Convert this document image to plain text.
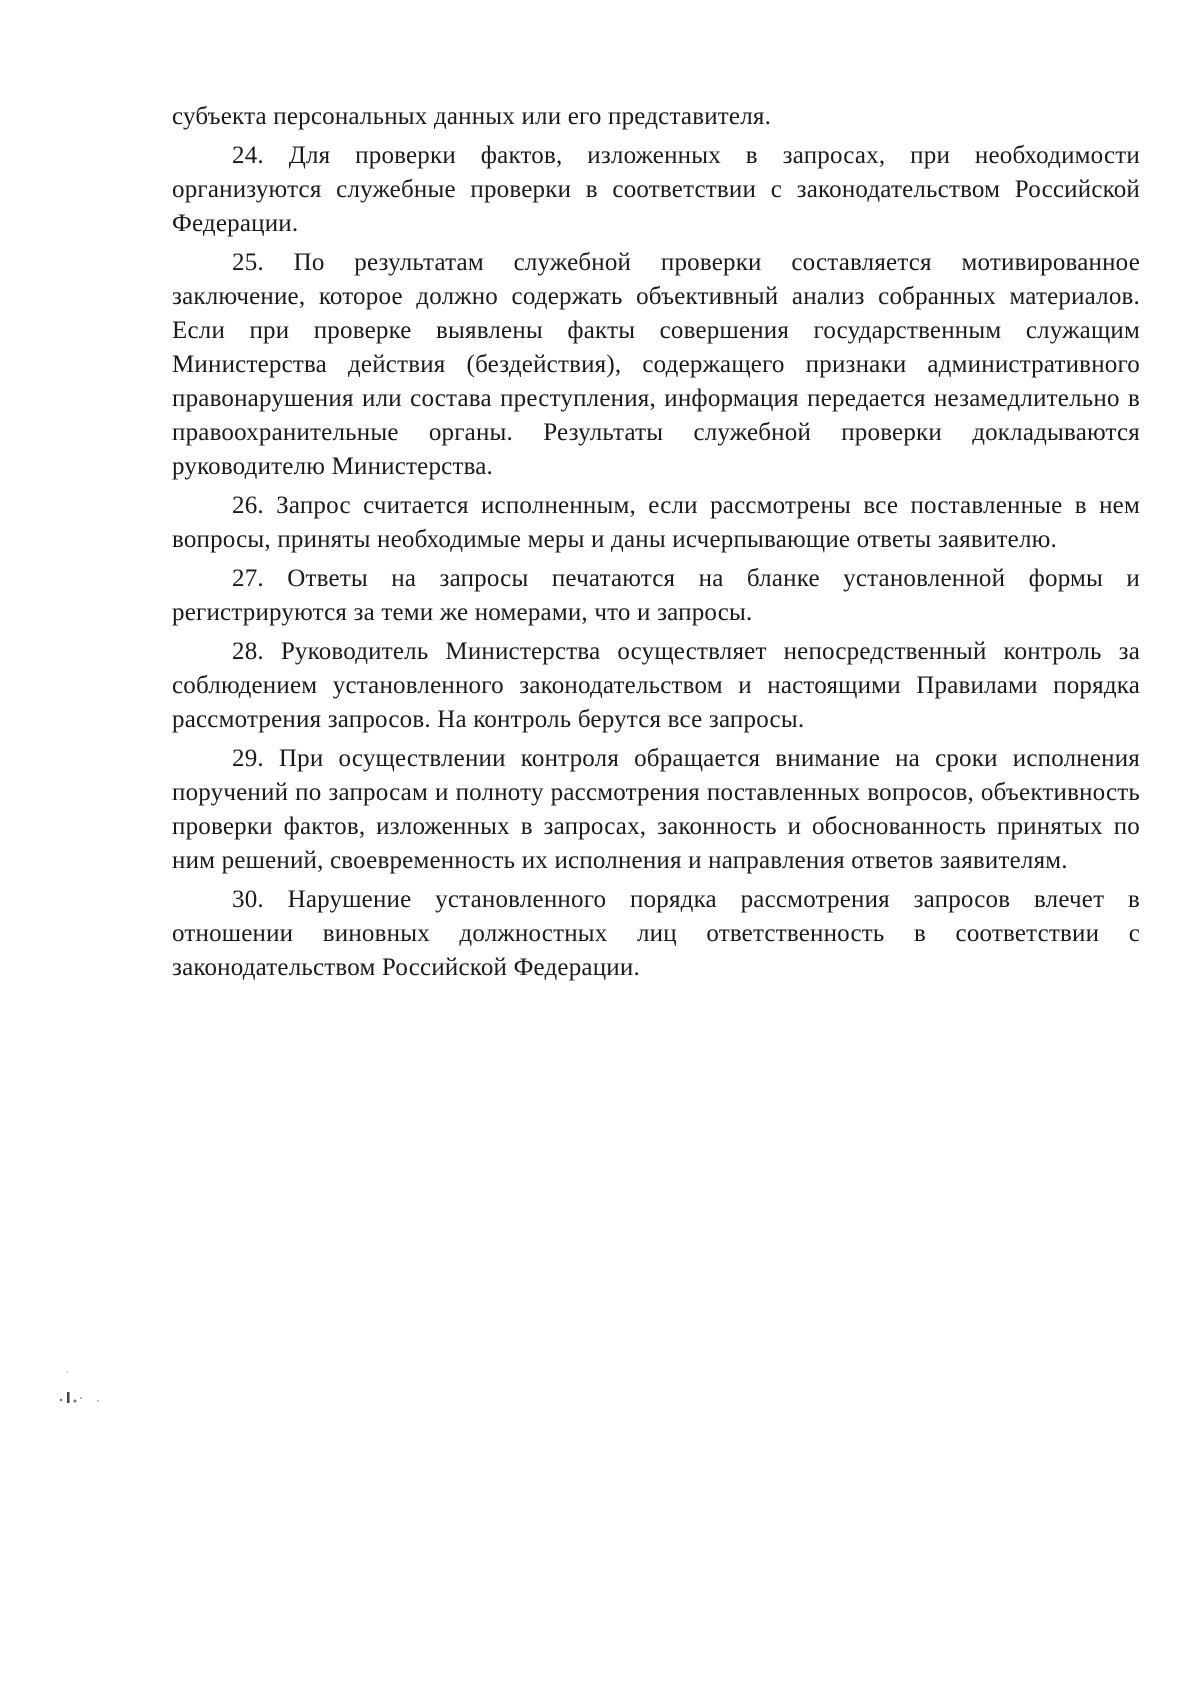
субъекта персональных данных или его представителя.

24. Для проверки фактов, изложенных в запросах, при необходимости организуются служебные проверки в соответствии с законодательством Российской Федерации.

25. По результатам служебной проверки составляется мотивированное заключение, которое должно содержать объективный анализ собранных материалов. Если при проверке выявлены факты совершения государственным служащим Министерства действия (бездействия), содержащего признаки административного правонарушения или состава преступления, информация передается незамедлительно в правоохранительные органы. Результаты служебной проверки докладываются руководителю Министерства.

26. Запрос считается исполненным, если рассмотрены все поставленные в нем вопросы, приняты необходимые меры и даны исчерпывающие ответы заявителю.

27. Ответы на запросы печатаются на бланке установленной формы и регистрируются за теми же номерами, что и запросы.

28. Руководитель Министерства осуществляет непосредственный контроль за соблюдением установленного законодательством и настоящими Правилами порядка рассмотрения запросов. На контроль берутся все запросы.

29. При осуществлении контроля обращается внимание на сроки исполнения поручений по запросам и полноту рассмотрения поставленных вопросов, объективность проверки фактов, изложенных в запросах, законность и обоснованность принятых по ним решений, своевременность их исполнения и направления ответов заявителям.

30. Нарушение установленного порядка рассмотрения запросов влечет в отношении виновных должностных лиц ответственность в соответствии с законодательством Российской Федерации.

·
